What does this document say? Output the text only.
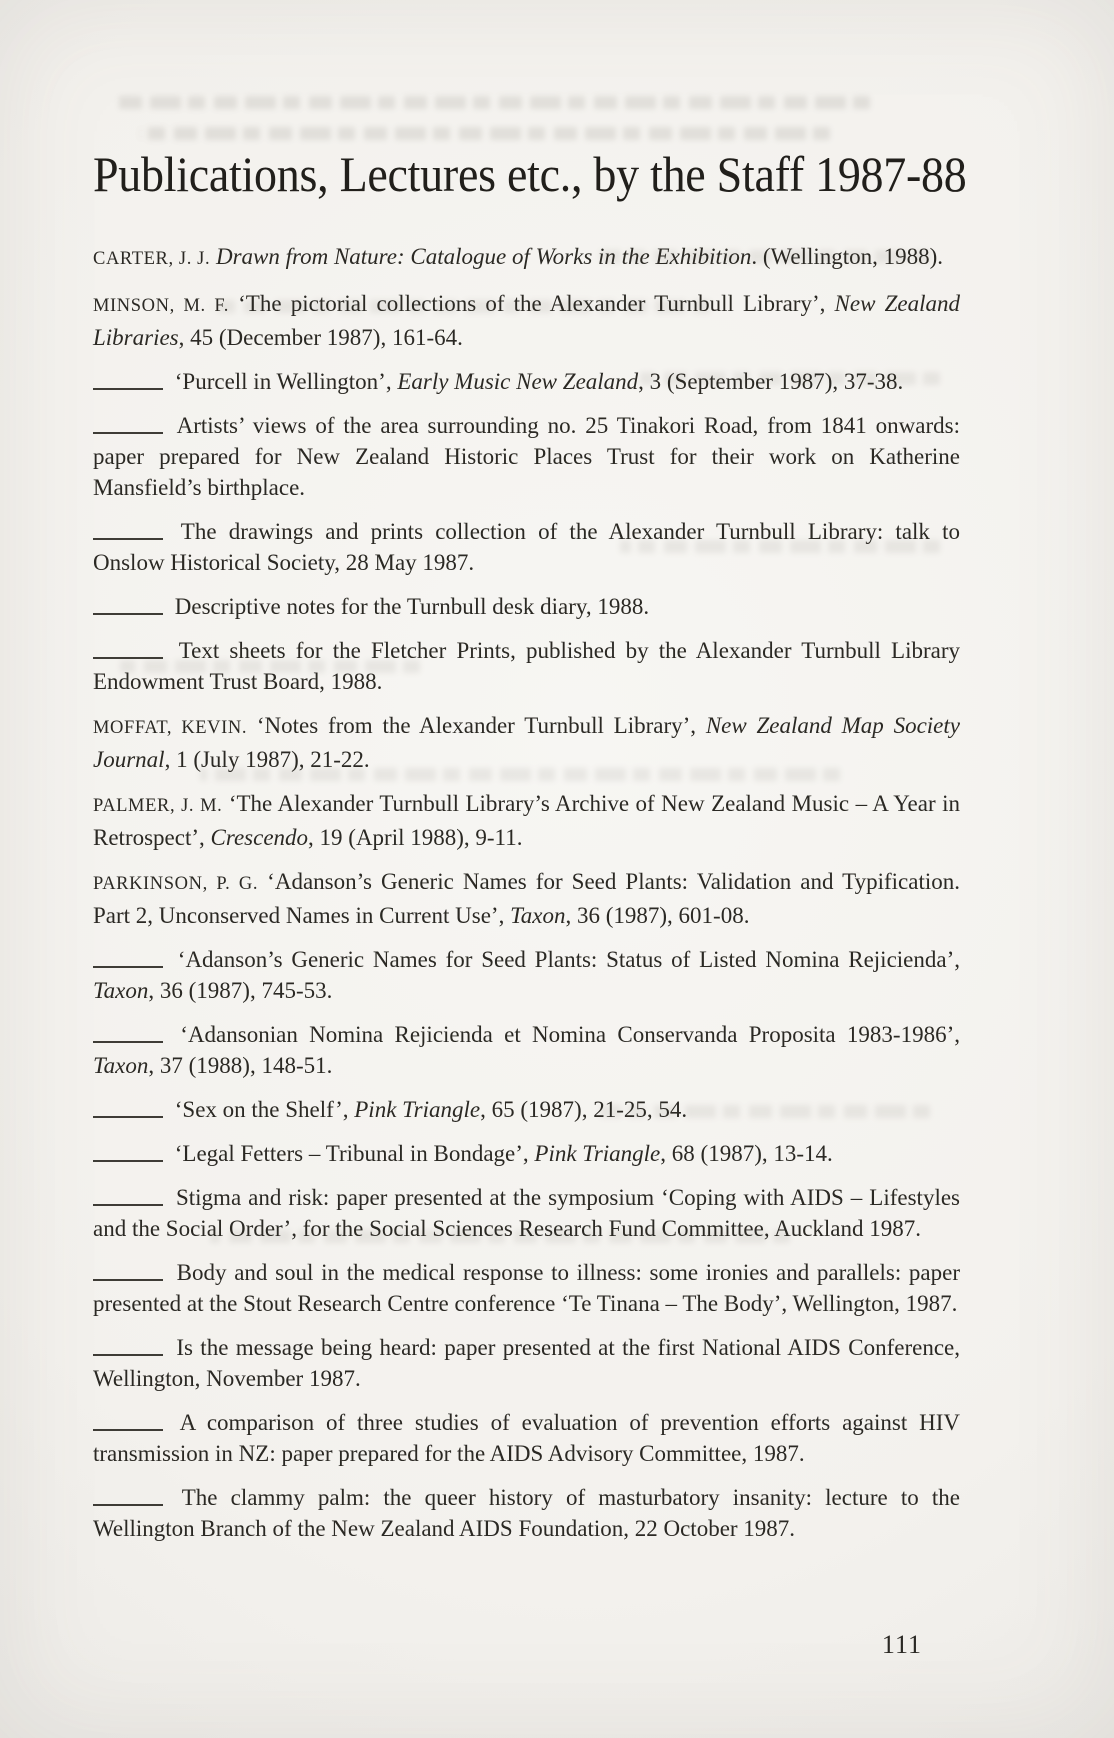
Publications, Lectures etc., by the Staff 1987-88

CARTER, J. J. Drawn from Nature: Catalogue of Works in the Exhibition. (Wellington, 1988).

MINSON, M. F. ‘The pictorial collections of the Alexander Turnbull Library’, New Zealand Libraries, 45 (December 1987), 161-64.

‘Purcell in Wellington’, Early Music New Zealand, 3 (September 1987), 37-38.

Artists’ views of the area surrounding no. 25 Tinakori Road, from 1841 onwards: paper prepared for New Zealand Historic Places Trust for their work on Katherine Mansfield’s birthplace.

The drawings and prints collection of the Alexander Turnbull Library: talk to Onslow Historical Society, 28 May 1987.

Descriptive notes for the Turnbull desk diary, 1988.

Text sheets for the Fletcher Prints, published by the Alexander Turnbull Library Endowment Trust Board, 1988.

MOFFAT, KEVIN. ‘Notes from the Alexander Turnbull Library’, New Zealand Map Society Journal, 1 (July 1987), 21-22.

PALMER, J. M. ‘The Alexander Turnbull Library’s Archive of New Zealand Music – A Year in Retrospect’, Crescendo, 19 (April 1988), 9-11.

PARKINSON, P. G. ‘Adanson’s Generic Names for Seed Plants: Validation and Typification. Part 2, Unconserved Names in Current Use’, Taxon, 36 (1987), 601-08.

‘Adanson’s Generic Names for Seed Plants: Status of Listed Nomina Rejicienda’, Taxon, 36 (1987), 745-53.

‘Adansonian Nomina Rejicienda et Nomina Conservanda Proposita 1983-1986’, Taxon, 37 (1988), 148-51.

‘Sex on the Shelf’, Pink Triangle, 65 (1987), 21-25, 54.

‘Legal Fetters – Tribunal in Bondage’, Pink Triangle, 68 (1987), 13-14.

Stigma and risk: paper presented at the symposium ‘Coping with AIDS – Lifestyles and the Social Order’, for the Social Sciences Research Fund Committee, Auckland 1987.

Body and soul in the medical response to illness: some ironies and parallels: paper presented at the Stout Research Centre conference ‘Te Tinana – The Body’, Wellington, 1987.

Is the message being heard: paper presented at the first National AIDS Conference, Wellington, November 1987.

A comparison of three studies of evaluation of prevention efforts against HIV transmission in NZ: paper prepared for the AIDS Advisory Committee, 1987.

The clammy palm: the queer history of masturbatory insanity: lecture to the Wellington Branch of the New Zealand AIDS Foundation, 22 October 1987.

111
